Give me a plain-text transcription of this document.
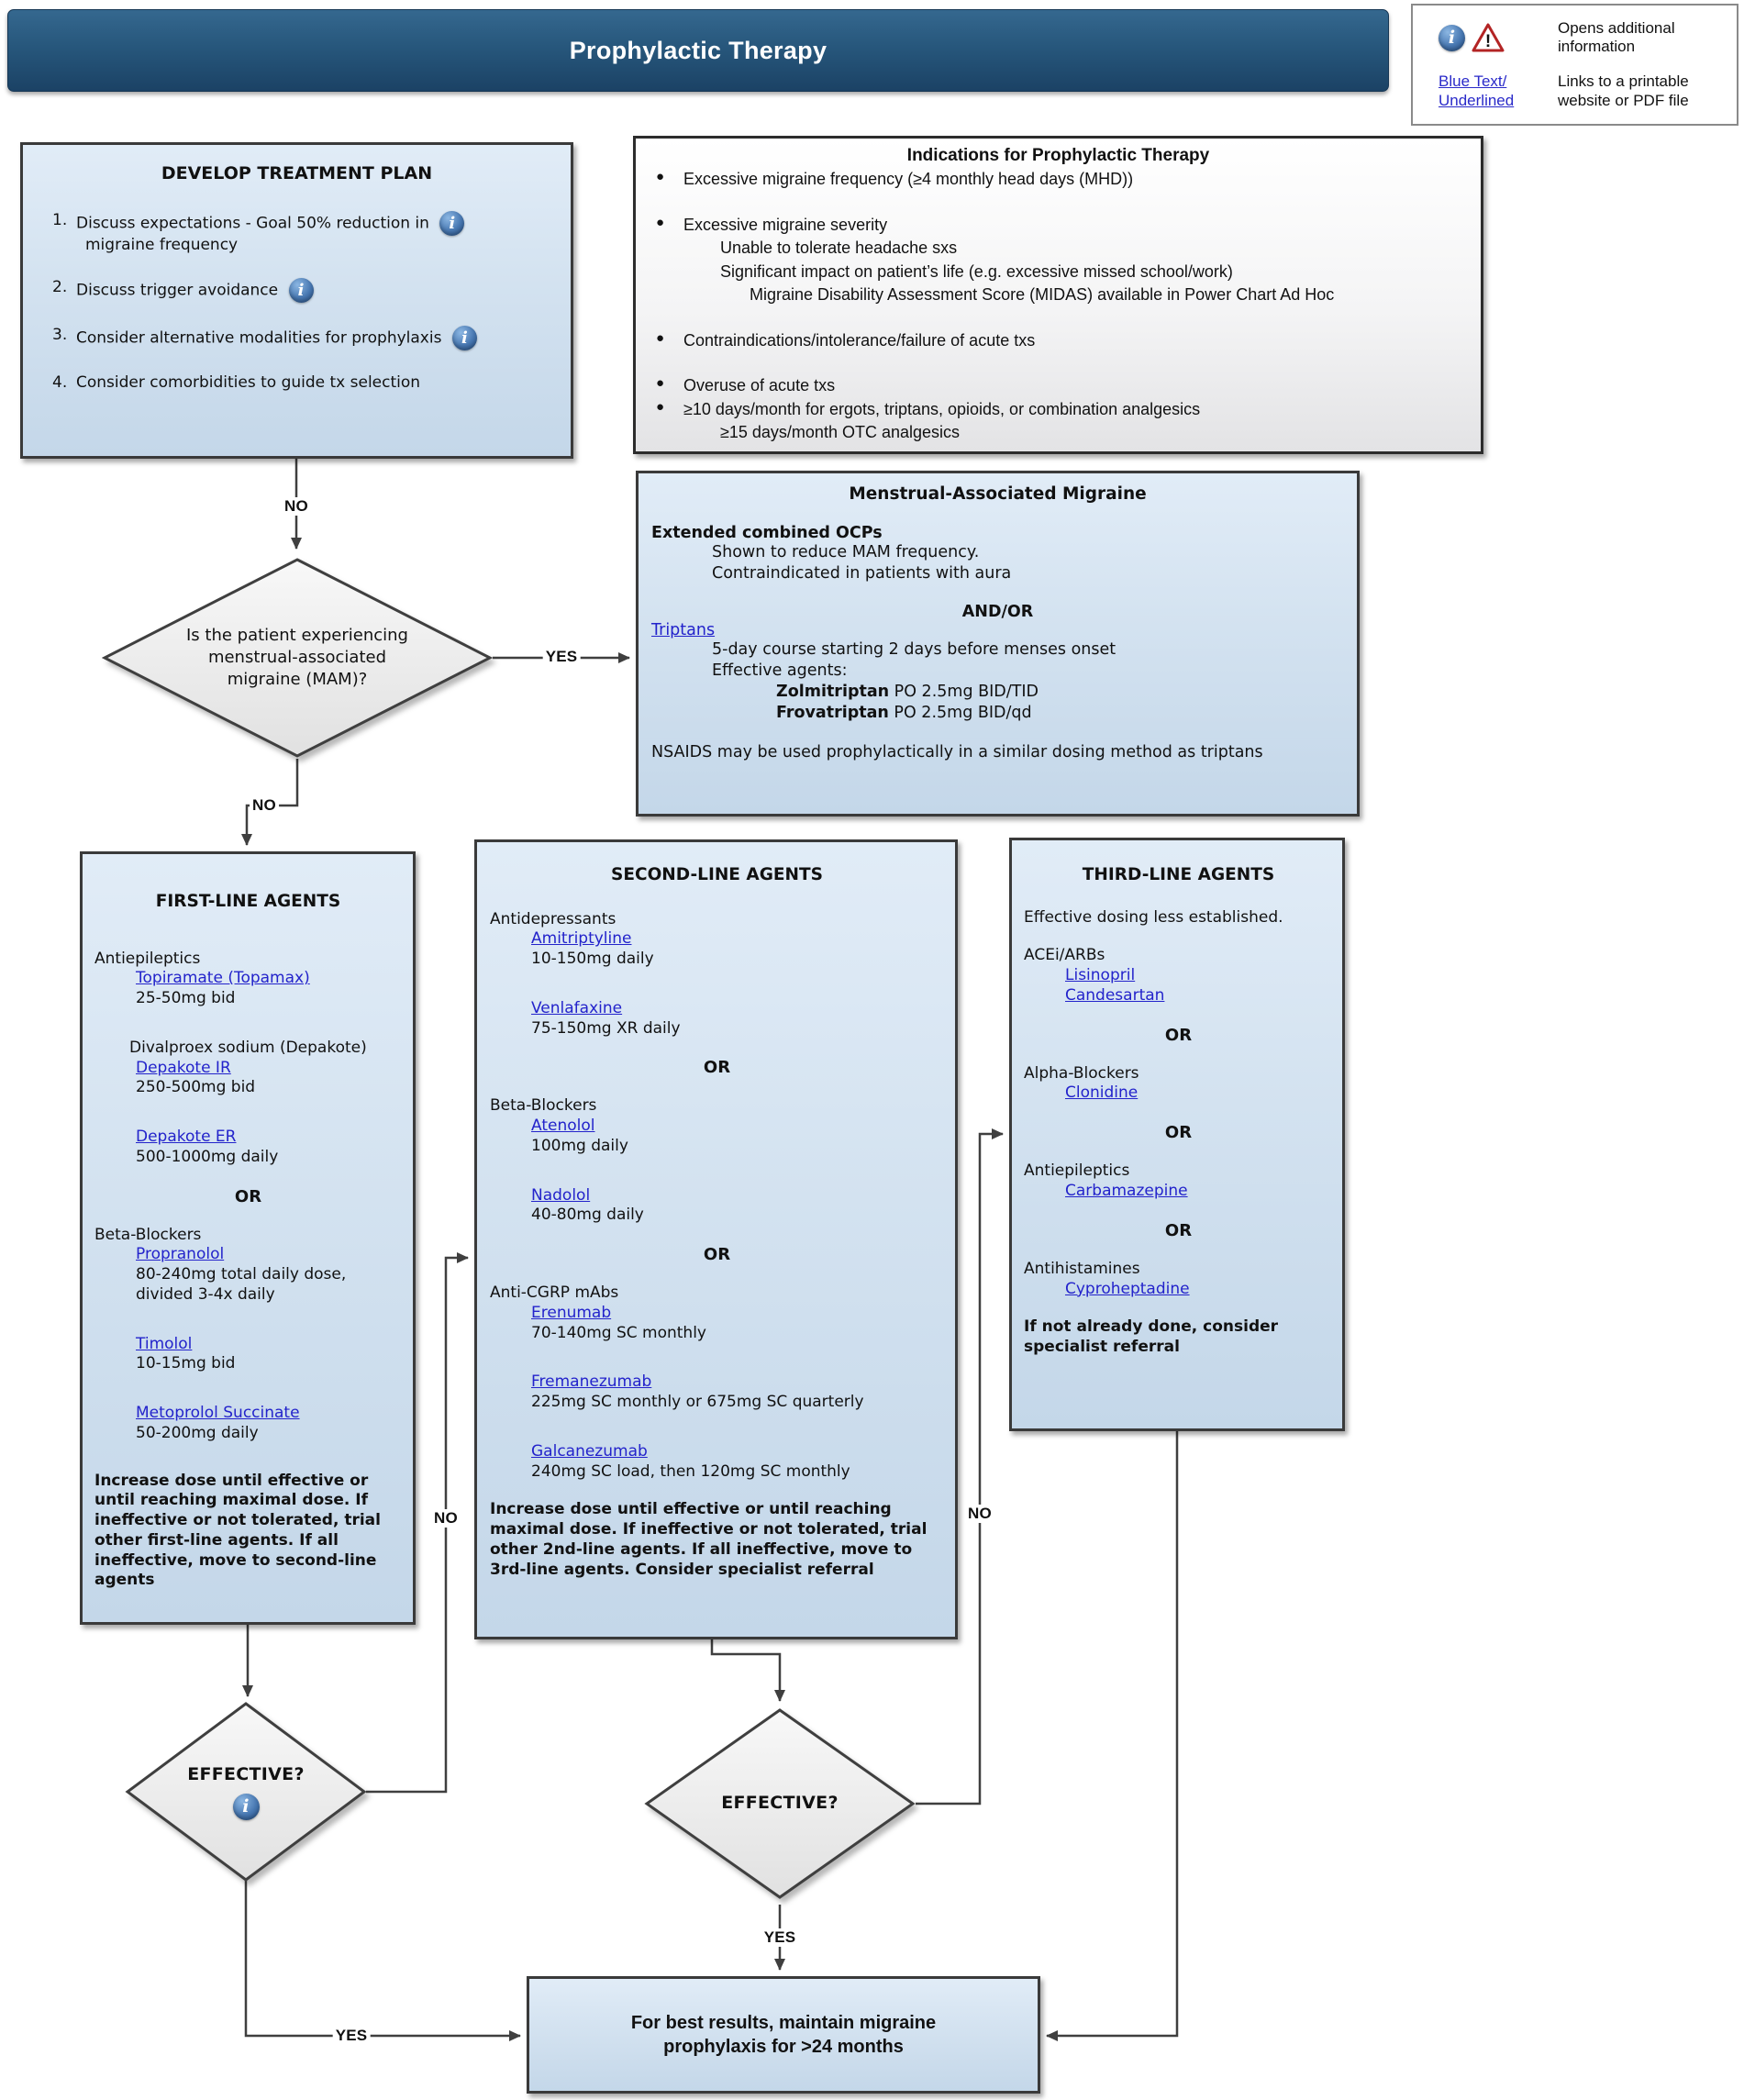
Prophylactic Therapy	i	!
Opens additional information
Blue Text/
Underlined
Links to a printable website or PDF file
DEVELOP TREATMENT PLAN
1. Discuss expectations - Goal 50% reduction in i
migraine frequency
2. Discuss trigger avoidance i
3. Consider alternative modalities for prophylaxis i
4. Consider comorbidities to guide tx selection
Indications for Prophylactic Therapy
●	Excessive migraine frequency (≥4 monthly head days (MHD))
●	Excessive migraine severity
Unable to tolerate headache sxs
Significant impact on patient’s life (e.g. excessive missed school/work)
Migraine Disability Assessment Score (MIDAS) available in Power Chart Ad Hoc
●	Contraindications/intolerance/failure of acute txs
●	Overuse of acute txs
●	≥10 days/month for ergots, triptans, opioids, or combination analgesics
≥15 days/month OTC analgesics
Menstrual-Associated Migraine
Extended combined OCPs
Shown to reduce MAM frequency.
Contraindicated in patients with aura
AND/OR
Triptans
5-day course starting 2 days before menses onset
Effective agents:
Zolmitriptan PO 2.5mg BID/TID
Frovatriptan PO 2.5mg BID/qd
NSAIDS may be used prophylactically in a similar dosing method as triptans
Is the patient experiencing menstrual-associated migraine (MAM)?
FIRST-LINE AGENTS
Antiepileptics
Topiramate (Topamax)
25-50mg bid
Divalproex sodium (Depakote)
Depakote IR
250-500mg bid
Depakote ER
500-1000mg daily
OR
Beta-Blockers
Propranolol
80-240mg total daily dose, divided 3-4x daily
Timolol
10-15mg bid
Metoprolol Succinate
50-200mg daily
Increase dose until effective or until reaching maximal dose. If ineffective or not tolerated, trial other first-line agents. If all ineffective, move to second-line agents
SECOND-LINE AGENTS
Antidepressants
Amitriptyline
10-150mg daily
Venlafaxine
75-150mg XR daily
OR
Beta-Blockers
Atenolol
100mg daily
Nadolol
40-80mg daily
OR
Anti-CGRP mAbs
Erenumab
70-140mg SC monthly
Fremanezumab
225mg SC monthly or 675mg SC quarterly
Galcanezumab
240mg SC load, then 120mg SC monthly
Increase dose until effective or until reaching maximal dose. If ineffective or not tolerated, trial other 2nd-line agents. If all ineffective, move to 3rd-line agents. Consider specialist referral
THIRD-LINE AGENTS
Effective dosing less established.
ACEi/ARBs
Lisinopril
Candesartan
OR
Alpha-Blockers
Clonidine
OR
Antiepileptics
Carbamazepine
OR
Antihistamines
Cyproheptadine
If not already done, consider specialist referral
EFFECTIVE?
i	EFFECTIVE?
For best results, maintain migraine prophylaxis for >24 months
NO
YES
NO
NO	NO
YES
YES
